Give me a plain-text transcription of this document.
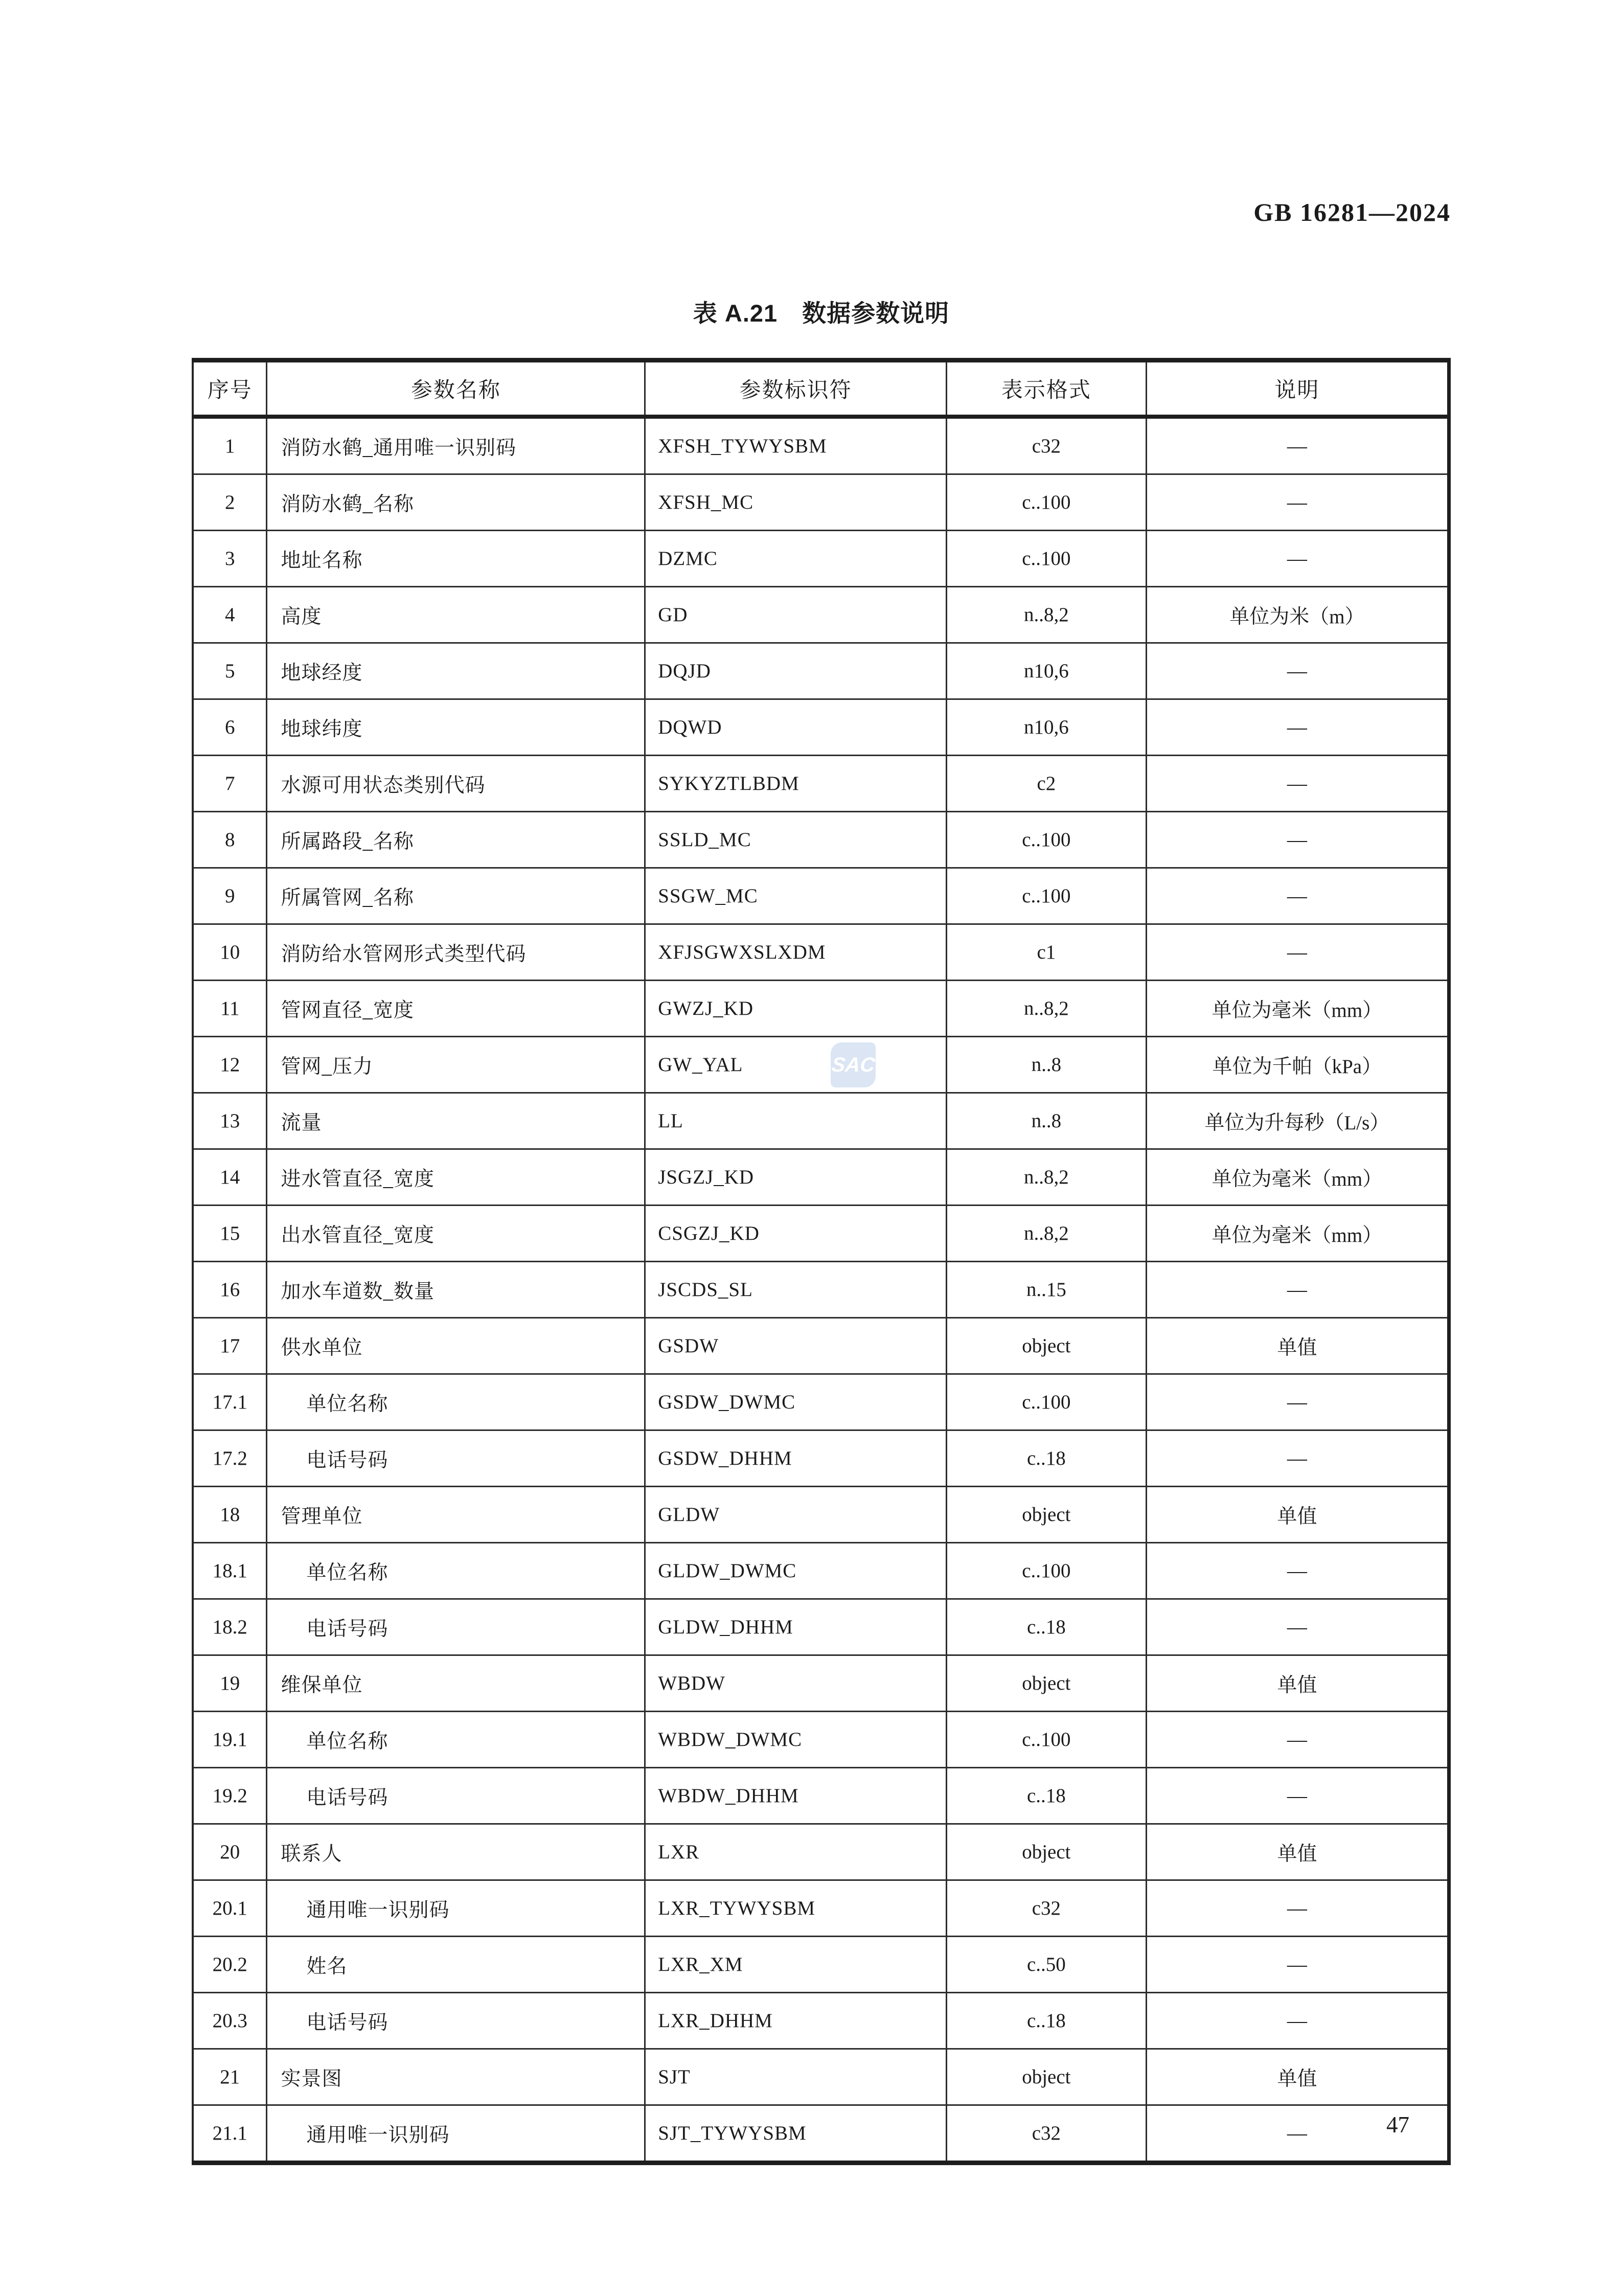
GB 16281—2024
表 A.21　数据参数说明
序号	参数名称	参数标识符	表示格式	说明
1	消防水鹤_通用唯一识别码	XFSH_TYWYSBM	c32	—
2	消防水鹤_名称	XFSH_MC	c..100	—
3	地址名称	DZMC	c..100	—
4	高度	GD	n..8,2	单位为米（m）
5	地球经度	DQJD	n10,6	—
6	地球纬度	DQWD	n10,6	—
7	水源可用状态类别代码	SYKYZTLBDM	c2	—
8	所属路段_名称	SSLD_MC	c..100	—
9	所属管网_名称	SSGW_MC	c..100	—
10	消防给水管网形式类型代码	XFJSGWXSLXDM	c1	—
11	管网直径_宽度	GWZJ_KD	n..8,2	单位为毫米（mm）
12	管网_压力	GW_YAL	n..8	单位为千帕（kPa）
13	流量	LL	n..8	单位为升每秒（L/s）
14	进水管直径_宽度	JSGZJ_KD	n..8,2	单位为毫米（mm）
15	出水管直径_宽度	CSGZJ_KD	n..8,2	单位为毫米（mm）
16	加水车道数_数量	JSCDS_SL	n..15	—
17	供水单位	GSDW	object	单值
17.1	单位名称	GSDW_DWMC	c..100	—
17.2	电话号码	GSDW_DHHM	c..18	—
18	管理单位	GLDW	object	单值
18.1	单位名称	GLDW_DWMC	c..100	—
18.2	电话号码	GLDW_DHHM	c..18	—
19	维保单位	WBDW	object	单值
19.1	单位名称	WBDW_DWMC	c..100	—
19.2	电话号码	WBDW_DHHM	c..18	—
20	联系人	LXR	object	单值
20.1	通用唯一识别码	LXR_TYWYSBM	c32	—
20.2	姓名	LXR_XM	c..50	—
20.3	电话号码	LXR_DHHM	c..18	—
21	实景图	SJT	object	单值
21.1	通用唯一识别码	SJT_TYWYSBM	c32	—
SAC
47
